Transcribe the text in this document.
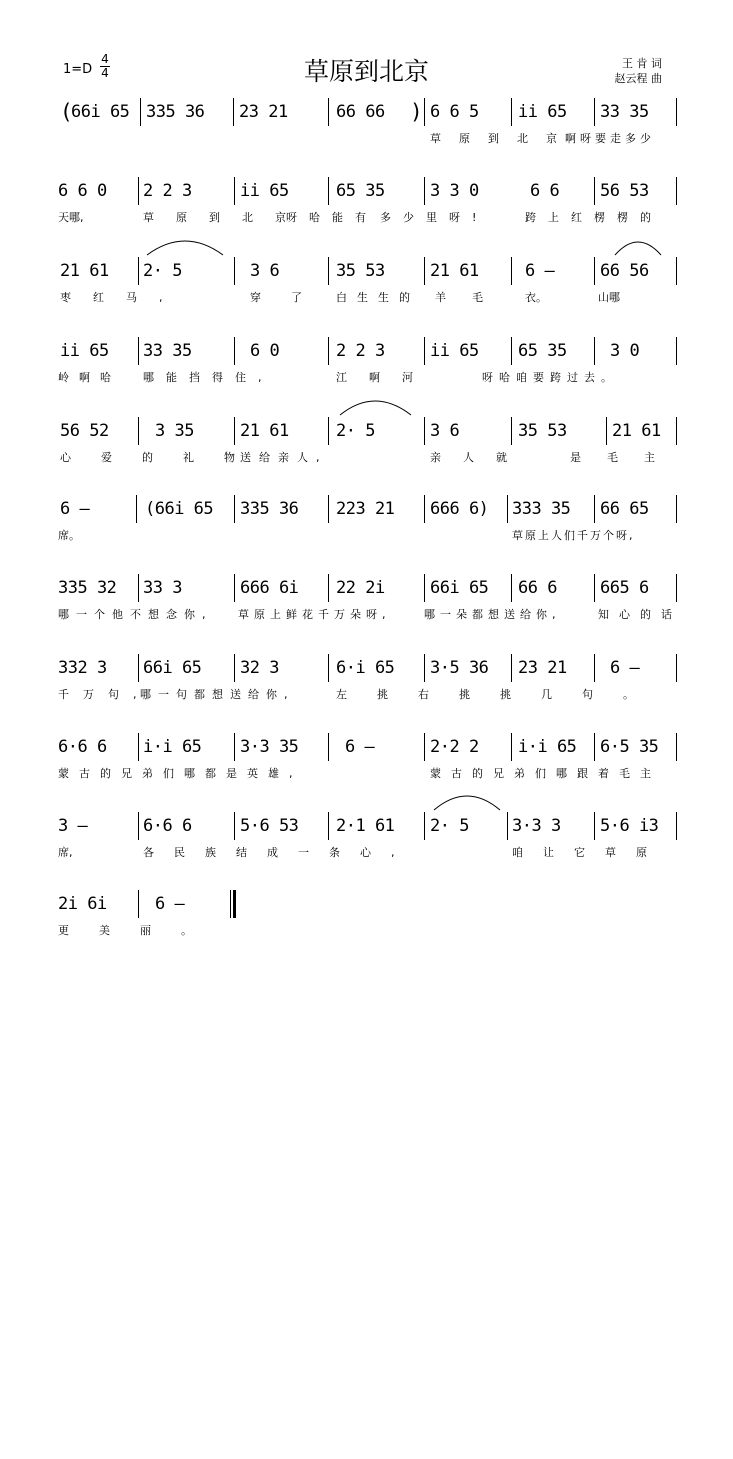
1=D
4
4	草原到北京	王 肯 词
赵云程 曲
(
66i 65 335 36 23 21	66 66 ) 6 6 5 ii 65 33 35
草原到北京
啊呀要走多少
6 6 0 2 2 3	ii 65	65 35	3 3 0	6 6 56 53
天哪,	草原到北京
呀哈能有 多少里呀!	跨上红楞楞的
21 61 2· 5	3 6	35 53	21 61	6 –	66 56
枣红马,	穿了 白生生的 羊毛 衣。	山哪
ii 65 33 35	6 0	2 2 3	ii 65 65 35	3 0
岭啊哈 哪能挡得住,	江啊河	呀哈咱要跨过去。
56 52	3 35	21 61	2· 5	3 6	35 53	21 61
心爱的礼物
送给亲人,	亲人就	是毛主
6 –	(66i 65 335 36 223 21 666 6) 333 35 66 65
席。	草原上人们千万个呀,
335 32 33 3	666 6i 22 2i	66i 65 66 6	665 6
哪一个他不想念你, 草原上鲜花千万朵呀,	哪一朵都想送给你,	知心的话
332 3 66i 65 32 3	6·i 65 3·5 36 23 21	6 –
千万句,
哪一句都想送给你,	左挑右挑挑几句。
6·6 6 i·i 65 3·3 35	6 –	2·2 2 i·i 65 6·5 35
蒙古的兄弟们哪都是英雄,	蒙古的兄弟们哪跟着毛主
3 –	6·6 6	5·6 53 2·1 61 2· 5	3·3 3 5·6 i3
席,	各民族结成一条心,	咱让它草原
2i 6i	6 –
更美丽。
